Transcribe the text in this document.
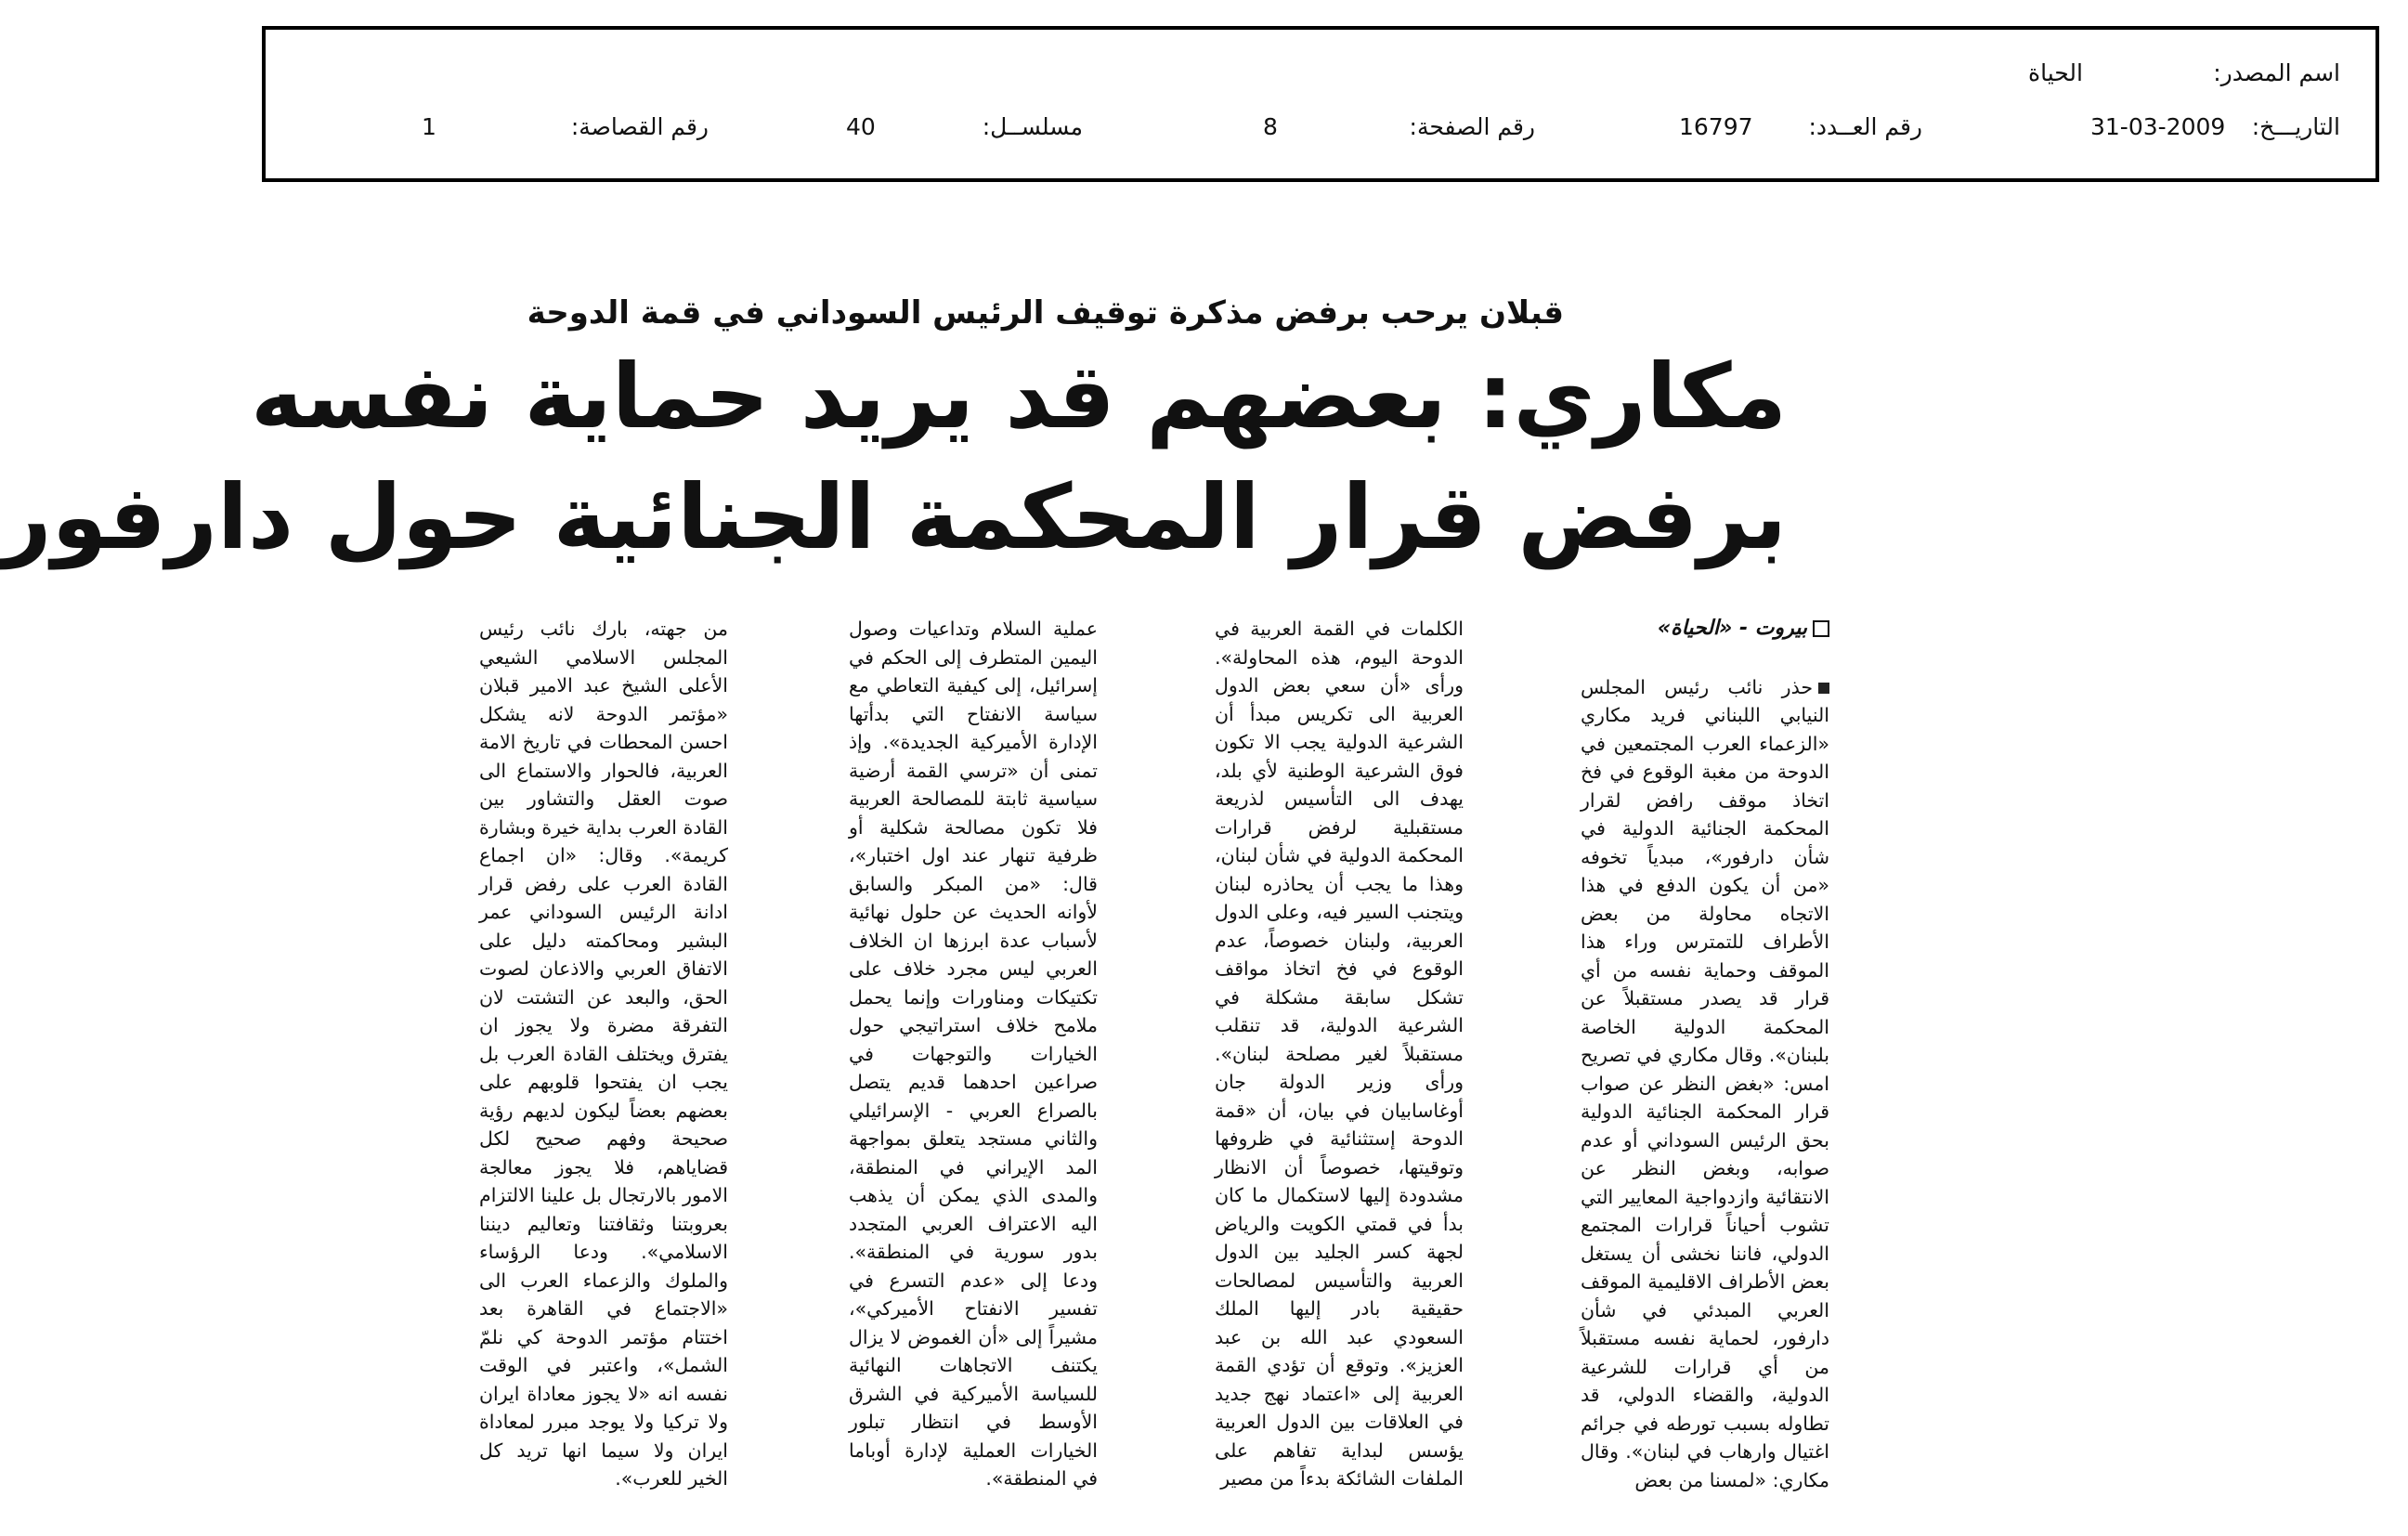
اسم المصدر:
الحياة
التاريـــخ:
31-03-2009
رقم العــدد:
16797
رقم الصفحة:
8
مسلســل:
40
رقم القصاصة:
1
قبلان يرحب برفض مذكرة توقيف الرئيس السوداني في قمة الدوحة
مكاري: بعضهم قد يريد حماية نفسه
برفض قرار المحكمة الجنائية حول دارفور
بيروت - «الحياة»

حذر نائب رئيس المجلس النيابي اللبناني فريد مكاري «الزعماء العرب المجتمعين في الدوحة من مغبة الوقوع في فخ اتخاذ موقف رافض لقرار المحكمة الجنائية الدولية في شأن دارفور»، مبدياً تخوفه «من أن يكون الدفع في هذا الاتجاه محاولة من بعض الأطراف للتمترس وراء هذا الموقف وحماية نفسه من أي قرار قد يصدر مستقبلاً عن المحكمة الدولية الخاصة بلبنان». وقال مكاري في تصريح امس: «بغض النظر عن صواب قرار المحكمة الجنائية الدولية بحق الرئيس السوداني أو عدم صوابه، وبغض النظر عن الانتقائية وازدواجية المعايير التي تشوب أحياناً قرارات المجتمع الدولي، فاننا نخشى أن يستغل بعض الأطراف الاقليمية الموقف العربي المبدئي في شأن دارفور، لحماية نفسه مستقبلاً من أي قرارات للشرعية الدولية، والقضاء الدولي، قد تطاوله بسبب تورطه في جرائم اغتيال وارهاب في لبنان». وقال مكاري: «لمسنا من بعض

الكلمات في القمة العربية في الدوحة اليوم، هذه المحاولة». ورأى «أن سعي بعض الدول العربية الى تكريس مبدأ أن الشرعية الدولية يجب الا تكون فوق الشرعية الوطنية لأي بلد، يهدف الى التأسيس لذريعة مستقبلية لرفض قرارات المحكمة الدولية في شأن لبنان، وهذا ما يجب أن يحاذره لبنان ويتجنب السير فيه، وعلى الدول العربية، ولبنان خصوصاً، عدم الوقوع في فخ اتخاذ مواقف تشكل سابقة مشكلة في الشرعية الدولية، قد تنقلب مستقبلاً لغير مصلحة لبنان». ورأى وزير الدولة جان أوغاسابيان في بيان، أن «قمة الدوحة إستثنائية في ظروفها وتوقيتها، خصوصاً أن الانظار مشدودة إليها لاستكمال ما كان بدأ في قمتي الكويت والرياض لجهة كسر الجليد بين الدول العربية والتأسيس لمصالحات حقيقية بادر إليها الملك السعودي عبد الله بن عبد العزيز». وتوقع أن تؤدي القمة العربية إلى «اعتماد نهج جديد في العلاقات بين الدول العربية يؤسس لبداية تفاهم على الملفات الشائكة بدءاً من مصير

عملية السلام وتداعيات وصول اليمين المتطرف إلى الحكم في إسرائيل، إلى كيفية التعاطي مع سياسة الانفتاح التي بدأتها الإدارة الأميركية الجديدة». وإذ تمنى أن «ترسي القمة أرضية سياسية ثابتة للمصالحة العربية فلا تكون مصالحة شكلية أو ظرفية تنهار عند اول اختبار»، قال: «من المبكر والسابق لأوانه الحديث عن حلول نهائية لأسباب عدة ابرزها ان الخلاف العربي ليس مجرد خلاف على تكتيكات ومناورات وإنما يحمل ملامح خلاف استراتيجي حول الخيارات والتوجهات في صراعين احدهما قديم يتصل بالصراع العربي - الإسرائيلي والثاني مستجد يتعلق بمواجهة المد الإيراني في المنطقة، والمدى الذي يمكن أن يذهب اليه الاعتراف العربي المتجدد بدور سورية في المنطقة». ودعا إلى «عدم التسرع في تفسير الانفتاح الأميركي»، مشيراً إلى «أن الغموض لا يزال يكتنف الاتجاهات النهائية للسياسة الأميركية في الشرق الأوسط في انتظار تبلور الخيارات العملية لإدارة أوباما في المنطقة».

من جهته، بارك نائب رئيس المجلس الاسلامي الشيعي الأعلى الشيخ عبد الامير قبلان «مؤتمر الدوحة لانه يشكل احسن المحطات في تاريخ الامة العربية، فالحوار والاستماع الى صوت العقل والتشاور بين القادة العرب بداية خيرة وبشارة كريمة». وقال: «ان اجماع القادة العرب على رفض قرار ادانة الرئيس السوداني عمر البشير ومحاكمته دليل على الاتفاق العربي والاذعان لصوت الحق، والبعد عن التشتت لان التفرقة مضرة ولا يجوز ان يفترق ويختلف القادة العرب بل يجب ان يفتحوا قلوبهم على بعضهم بعضاً ليكون لديهم رؤية صحيحة وفهم صحيح لكل قضاياهم، فلا يجوز معالجة الامور بالارتجال بل علينا الالتزام بعروبتنا وثقافتنا وتعاليم ديننا الاسلامي». ودعا الرؤساء والملوك والزعماء العرب الى «الاجتماع في القاهرة بعد اختتام مؤتمر الدوحة كي نلمّ الشمل»، واعتبر في الوقت نفسه انه «لا يجوز معاداة ايران ولا تركيا ولا يوجد مبرر لمعاداة ايران ولا سيما انها تريد كل الخير للعرب».
